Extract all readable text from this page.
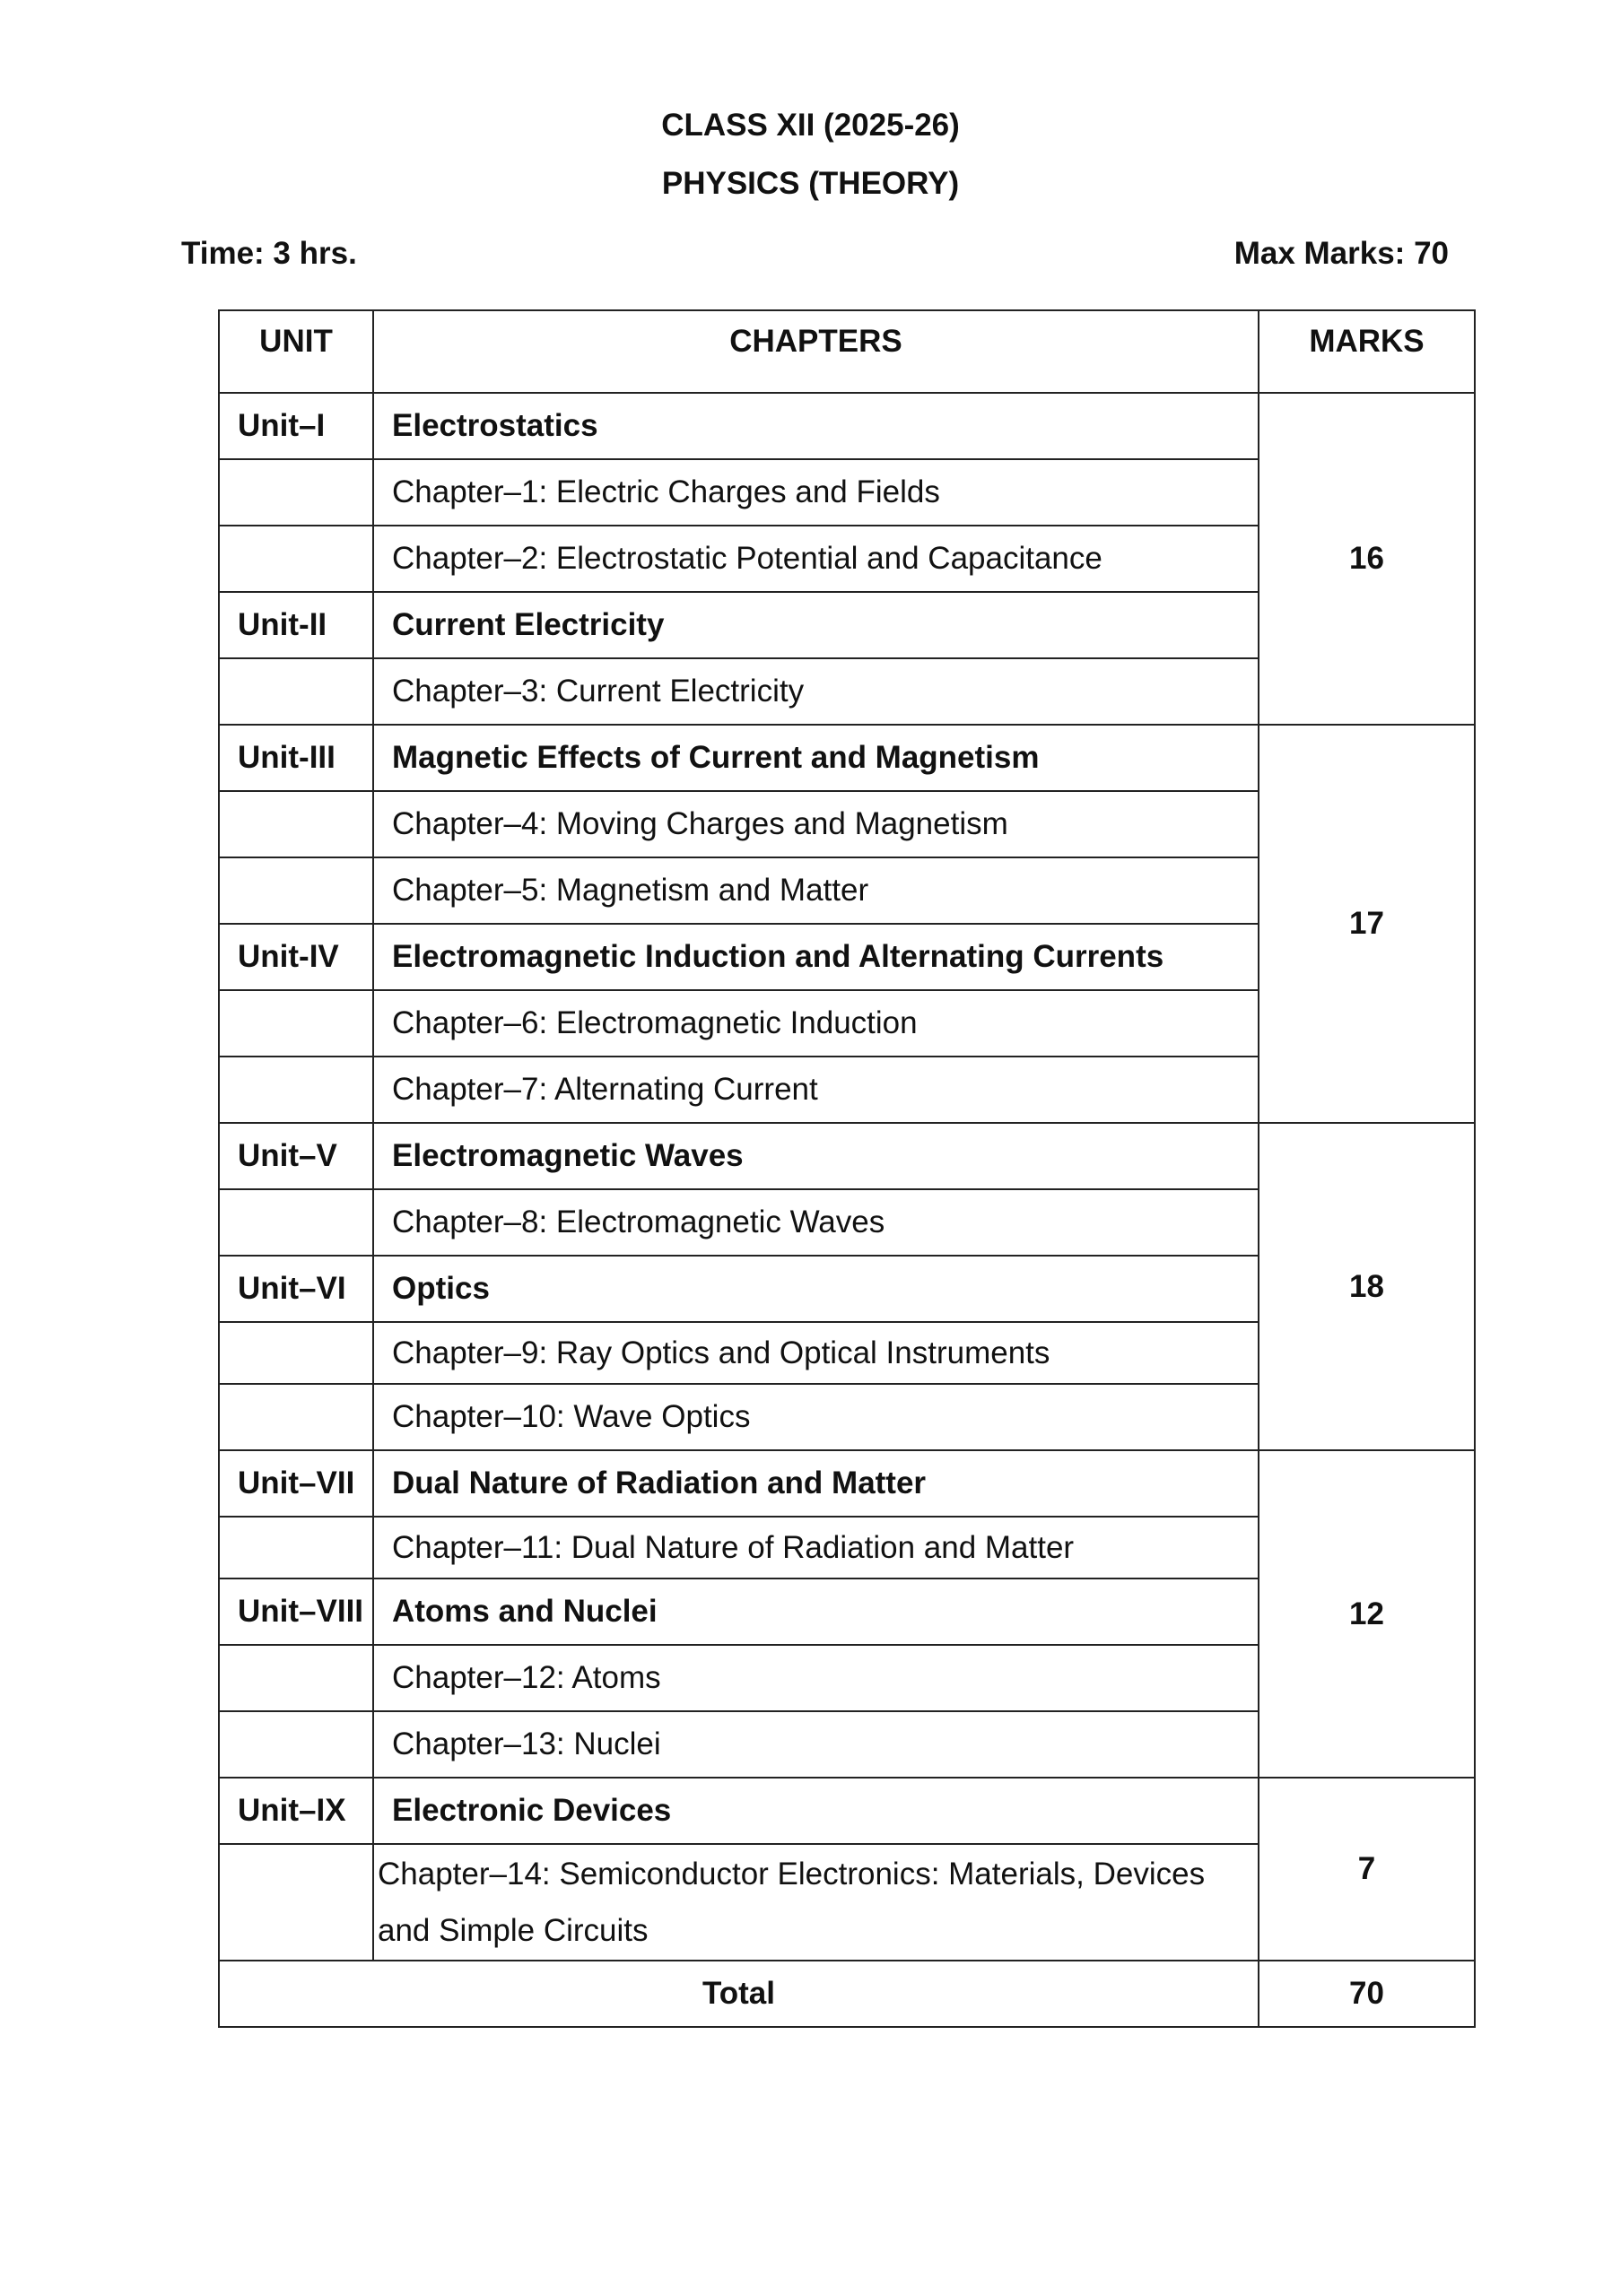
CLASS XII (2025-26)
PHYSICS (THEORY)
Time: 3 hrs.	Max Marks: 70
UNIT	CHAPTERS	MARKS
Unit–I	Electrostatics	16
	Chapter–1: Electric Charges and Fields	
	Chapter–2: Electrostatic Potential and Capacitance	
Unit-II	Current Electricity	
	Chapter–3: Current Electricity	
Unit-III	Magnetic Effects of Current and Magnetism	17
	Chapter–4: Moving Charges and Magnetism	
	Chapter–5: Magnetism and Matter	
Unit-IV	Electromagnetic Induction and Alternating Currents	
	Chapter–6: Electromagnetic Induction	
	Chapter–7: Alternating Current	
Unit–V	Electromagnetic Waves	18
	Chapter–8: Electromagnetic Waves	
Unit–VI	Optics	
	Chapter–9: Ray Optics and Optical Instruments	
	Chapter–10: Wave Optics	
Unit–VII	Dual Nature of Radiation and Matter	12
	Chapter–11: Dual Nature of Radiation and Matter	
Unit–VIII	Atoms and Nuclei	
	Chapter–12: Atoms	
	Chapter–13: Nuclei	
Unit–IX	Electronic Devices	7
	Chapter–14: Semiconductor Electronics: Materials, Devices and Simple Circuits	
Total		70
